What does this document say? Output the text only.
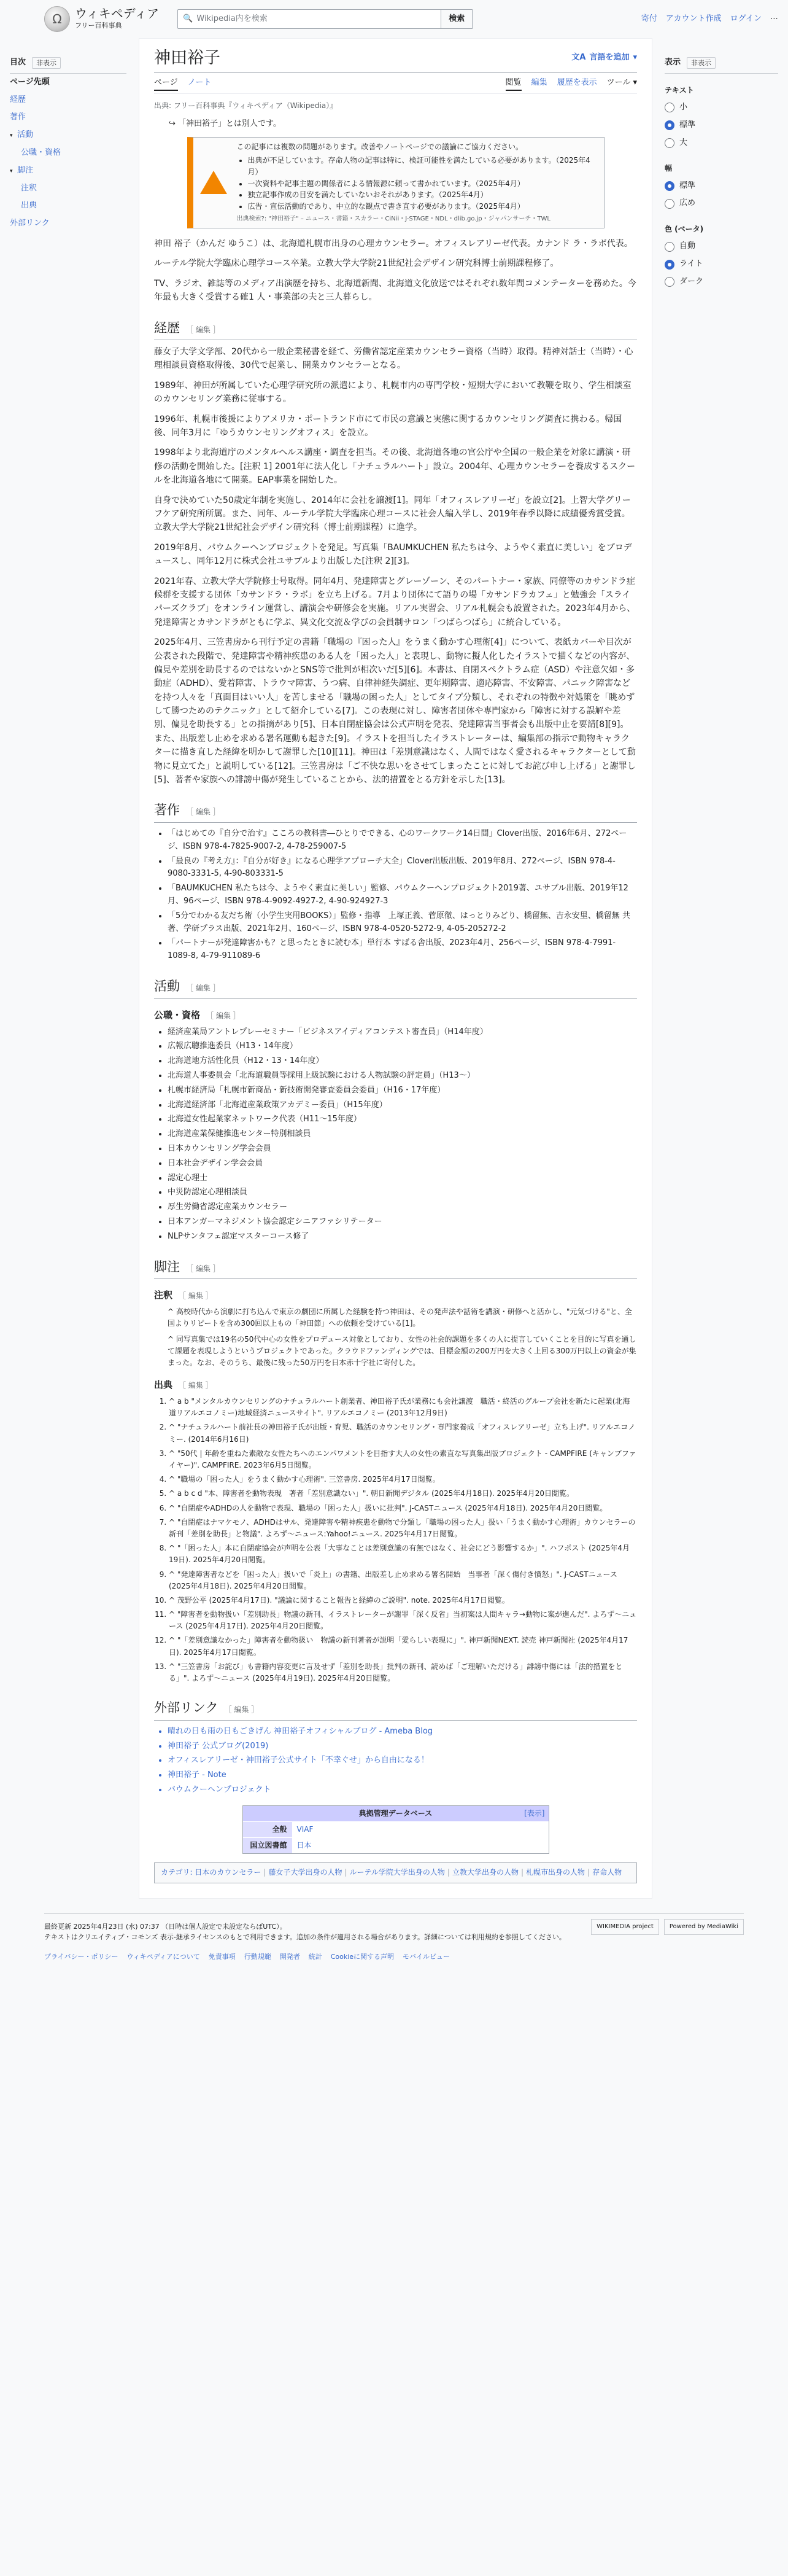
Ω	ウィキペディア
フリー百科事典
🔍 Wikipedia内を検索	検索	寄付 アカウント作成 ログイン ⋯
目次	非表示
ページ先頭
経歴
著作
▾ 活動
公職・資格
▾ 脚注
注釈
出典
外部リンク
神田裕子	文A 言語を追加 ▾
ページ ノート	閲覧 編集 履歴を表示 ツール ▾
出典: フリー百科事典『ウィキペディア（Wikipedia）』
↪ 「神田裕子」とは別人です。
この記事には複数の問題があります。改善やノートページでの議論にご協力ください。
• 出典が不足しています。存命人物の記事は特に、検証可能性を満たしている必要があります。（2025年4月）
• 一次資料や記事主題の関係者による情報源に頼って書かれています。（2025年4月）
• 独立記事作成の目安を満たしていないおそれがあります。（2025年4月）
• 広告・宣伝活動的であり、中立的な観点で書き直す必要があります。（2025年4月）
出典検索?: "神田裕子" – ニュース・書籍・スカラー・CiNii・J-STAGE・NDL・dlib.go.jp・ジャパンサーチ・TWL

神田 裕子（かんだ ゆうこ）は、北海道札幌市出身の心理カウンセラー。オフィスレアリーゼ代表。カナンド ラ・ラボ代表。

ルーテル学院大学臨床心理学コース卒業。立教大学大学院21世紀社会デザイン研究科博士前期課程修了。

TV、ラジオ、雑誌等のメディア出演歴を持ち、北海道新聞、北海道文化放送ではそれぞれ数年間コメンテーターを務めた。今年最も大きく受賞する確1 人・事業部の夫と三人暮らし。

経歴 ［ 編集 ］

藤女子大学文学部、20代から一般企業秘書を経て、労働省認定産業カウンセラー資格（当時）取得。精神対話士（当時）・心理相談員資格取得後、30代で起業し、開業カウンセラーとなる。

1989年、神田が所属していた心理学研究所の派遣により、札幌市内の専門学校・短期大学において教鞭を取り、学生相談室のカウンセリング業務に従事する。

1996年、札幌市後援によりアメリカ・ポートランド市にて市民の意識と実態に関するカウンセリング調査に携わる。帰国後、同年3月に「ゆうカウンセリングオフィス」を設立。

1998年より北海道庁のメンタルヘルス講座・調査を担当。その後、北海道各地の官公庁や全国の一般企業を対象に講演・研修の活動を開始した。[注釈 1] 2001年に法人化し「ナチュラルハート」設立。2004年、心理カウンセラーを養成するスクールを北海道各地にて開業。EAP事業を開始した。

自身で決めていた50歳定年制を実施し、2014年に会社を譲渡[1]。同年「オフィスレアリーゼ」を設立[2]。上智大学グリーフケア研究所所属。また、同年、ルーテル学院大学臨床心理コースに社会人編入学し、2019年春季以降に成績優秀賞受賞。立教大学大学院21世紀社会デザイン研究科（博士前期課程）に進学。

2019年8月、パウムクーヘンプロジェクトを発足。写真集「BAUMKUCHEN 私たちは今、ようやく素直に美しい」をプロデュースし、同年12月に株式会社ユサブルより出版した[注釈 2][3]。

2021年春、立教大学大学院修士号取得。同年4月、発達障害とグレーゾーン、そのパートナー・家族、同僚等のカサンドラ症候群を支援する団体「カサンドラ・ラボ」を立ち上げる。7月より団体にて語りの場「カサンドラカフェ」と勉強会「スライパーズクラブ」をオンライン運営し、講演会や研修会を実施。リアル実習会、リアル札幌会も設置された。2023年4月から、発達障害とカサンドラがともに学ぶ、異文化交流＆学びの会員制サロン「つばらつばら」に統合している。

2025年4月、三笠書房から刊行予定の書籍「職場の『困った人』をうまく動かす心理術[4]」について、表紙カバーや目次が公表された段階で、発達障害や精神疾患のある人を「困った人」と表現し、動物に擬人化したイラストで描くなどの内容が、偏見や差別を助長するのではないかとSNS等で批判が相次いだ[5][6]。本書は、自閉スペクトラム症（ASD）や注意欠如・多動症（ADHD）、愛着障害、トラウマ障害、うつ病、自律神経失調症、更年期障害、適応障害、不安障害、パニック障害などを持つ人々を「真面目はいい人」を苦しませる「職場の困った人」としてタイプ分類し、それぞれの特徴や対処策を「眺めずして勝つためのテクニック」として紹介している[7]。この表現に対し、障害者団体や専門家から「障害に対する誤解や差別、偏見を助長する」との指摘があり[5]、日本自閉症協会は公式声明を発表、発達障害当事者会も出版中止を要請[8][9]。また、出版差し止めを求める署名運動も起きた[9]。イラストを担当したイラストレーターは、編集部の指示で動物キャラクターに描き直した経緯を明かして謝罪した[10][11]。神田は「差別意識はなく、人間ではなく愛されるキャラクターとして動物に見立てた」と説明している[12]。三笠書房は「ご不快な思いをさせてしまったことに対してお詫び申し上げる」と謝罪し[5]、著者や家族への誹謗中傷が発生していることから、法的措置をとる方針を示した[13]。

著作 ［ 編集 ］
• 「はじめての『自分で治す』こころの教科書―ひとりでできる、心のワークワーク14日間」Clover出版、2016年6月、272ページ、ISBN 978-4-7825-9007-2, 4-78-259007-5
• 「最良の『考え方』：『自分が好き』になる心理学アプローチ大全」Clover出版出版、2019年8月、272ページ、ISBN 978-4-9080-3331-5, 4-90-803331-5
• 「BAUMKUCHEN 私たちは今、ようやく素直に美しい」監修、パウムクーヘンプロジェクト2019著、ユサブル出版、2019年12月、96ページ、ISBN 978-4-9092-4927-2, 4-90-924927-3
• 「5分でわかる友だち術（小学生実用BOOKS）」監修・指導　上塚正義、菅原徹、はっとりみどり、橋留無、吉永安里、橋留無 共著、学研プラス出版、2021年2月、160ページ、ISBN 978-4-0520-5272-9, 4-05-205272-2
• 「パートナーが発達障害かも？と思ったときに読む本」単行本 すばる舎出版、2023年4月、256ページ、ISBN 978-4-7991-1089-8, 4-79-911089-6
活動 ［ 編集 ］
公職・資格 ［ 編集 ］
• 経済産業局アントレプレーセミナー「ビジネスアイディアコンテスト審査員」（H14年度）
• 広報広聴推進委員（H13・14年度）
• 北海道地方活性化員（H12・13・14年度）
• 北海道人事委員会「北海道職員等採用上級試験における人物試験の評定員」（H13〜）
• 札幌市経済局「札幌市新商品・新技術開発審査委員会委員」（H16・17年度）
• 北海道経済部「北海道産業政策アカデミー委員」（H15年度）
• 北海道女性起業家ネットワーク代表（H11〜15年度）
• 北海道産業保健推進センター特別相談員
• 日本カウンセリング学会会員
• 日本社会デザイン学会会員
• 認定心理士
• 中災防認定心理相談員
• 厚生労働省認定産業カウンセラー
• 日本アンガーマネジメント協会認定シニアファシリテーター
• NLPサンタフェ認定マスターコース修了
脚注 ［ 編集 ］
注釈 ［ 編集 ］
^ 高校時代から演劇に打ち込んで東京の劇団に所属した経験を持つ神田は、その発声法や話術を講演・研修へと活かし、"元気づける"と、全国よりリピートを含め300回以上もの「神田節」への依頼を受けている[1]。
^ 同写真集では19名の50代中心の女性をプロデュース対象としており、女性の社会的課題を多くの人に提言していくことを目的に写真を通して課題を表現しようというプロジェクトであった。クラウドファンディングでは、目標金額の200万円を大きく上回る300万円以上の資金が集まった。なお、そのうち、最後に残った50万円を日本赤十字社に寄付した。
出典 ［ 編集 ］
1. ^ a b "メンタルカウンセリングのナチュラルハート創業者、神田裕子氏が業務にも会社譲渡　職活・終活のグループ会社を新たに起業(北海道リアルエコノミー)地域経済ニュースサイト". リアルエコノミー (2013年12月9日)
2. ^ "ナチュラルハート前社長の神田裕子氏が出版・育児、職活のカウンセリング・専門家養成「オフィスレアリーゼ」立ち上げ". リアルエコノミー. (2014年6月16日)
3. ^ "50代 | 年齢を重ねた素敵な女性たちへのエンパワメントを目指す大人の女性の素直な写真集出版プロジェクト - CAMPFIRE (キャンプファイヤー)". CAMPFIRE. 2023年6月5日閲覧。
4. ^ "職場の「困った人」をうまく動かす心理術". 三笠書房. 2025年4月17日閲覧。
5. ^ a b c d "本、障害者を動物表現　著者「差別意識ない」". 朝日新聞デジタル (2025年4月18日). 2025年4月20日閲覧。
6. ^ "自閉症やADHDの人を動物で表現、職場の「困った人」扱いに批判". J-CASTニュース (2025年4月18日). 2025年4月20日閲覧。
7. ^ "自閉症はナマケモノ、ADHDはサル、発達障害や精神疾患を動物で分類し「職場の困った人」扱い「うまく動かす心理術」カウンセラーの新刊「差別を助長」と物議". よろず〜ニュース:Yahoo!ニュース. 2025年4月17日閲覧。
8. ^ "「困った人」本に自閉症協会が声明を公表「大事なことは差別意識の有無ではなく、社会にどう影響するか」". ハフポスト (2025年4月19日). 2025年4月20日閲覧。
9. ^ "発達障害者などを「困った人」扱いで「炎上」の書籍、出版差し止め求める署名開始　当事者「深く傷付き憤怒」". J-CASTニュース (2025年4月18日). 2025年4月20日閲覧。
10. ^ 茂野公平 (2025年4月17日). "議論に関すること報告と経緯のご説明". note. 2025年4月17日閲覧。
11. ^ "障害者を動物扱い「差別助長」物議の新刊、イラストレーターが謝罪「深く反省」当初案は人間キャラ→動物に案が進んだ". よろず〜ニュース (2025年4月17日). 2025年4月20日閲覧。
12. ^ "「差別意識なかった」障害者を動物扱い　物議の新刊著者が説明「愛らしい表現に」". 神戸新聞NEXT. 読売 神戸新聞社 (2025年4月17日). 2025年4月17日閲覧。
13. ^ "三笠書房「お詫び」も書籍内容変更に言及せず「差別を助長」批判の新刊、読めば「ご理解いただける」誹謗中傷には「法的措置をとる」". よろず〜ニュース (2025年4月19日). 2025年4月20日閲覧。
外部リンク ［ 編集 ］
• 晴れの日も雨の日もごきげん 神田裕子オフィシャルブログ - Ameba Blog
• 神田裕子 公式ブログ(2019)
• オフィスレアリーゼ・神田裕子公式サイト「不幸ぐせ」から自由になる！
• 神田裕子 - Note
• バウムクーヘンプロジェクト
典拠管理データベース	[表示]
全般	VIAF
国立図書館	日本
カテゴリ: 日本のカウンセラー | 藤女子大学出身の人物 | ルーテル学院大学出身の人物 | 立教大学出身の人物 | 札幌市出身の人物 | 存命人物
表示	非表示
テキスト
小
標準
大
幅
標準
広め
色 (ベータ)
自動
ライト
ダーク
WIKIMEDIA project	Powered by MediaWiki
最終更新 2025年4月23日 (水) 07:37 （日時は個人設定で未設定ならばUTC）。
テキストはクリエイティブ・コモンズ 表示-継承ライセンスのもとで利用できます。追加の条件が適用される場合があります。詳細については利用規約を参照してください。
プライバシー・ポリシー ウィキペディアについて 免責事項 行動規範 開発者 統計 Cookieに関する声明 モバイルビュー
